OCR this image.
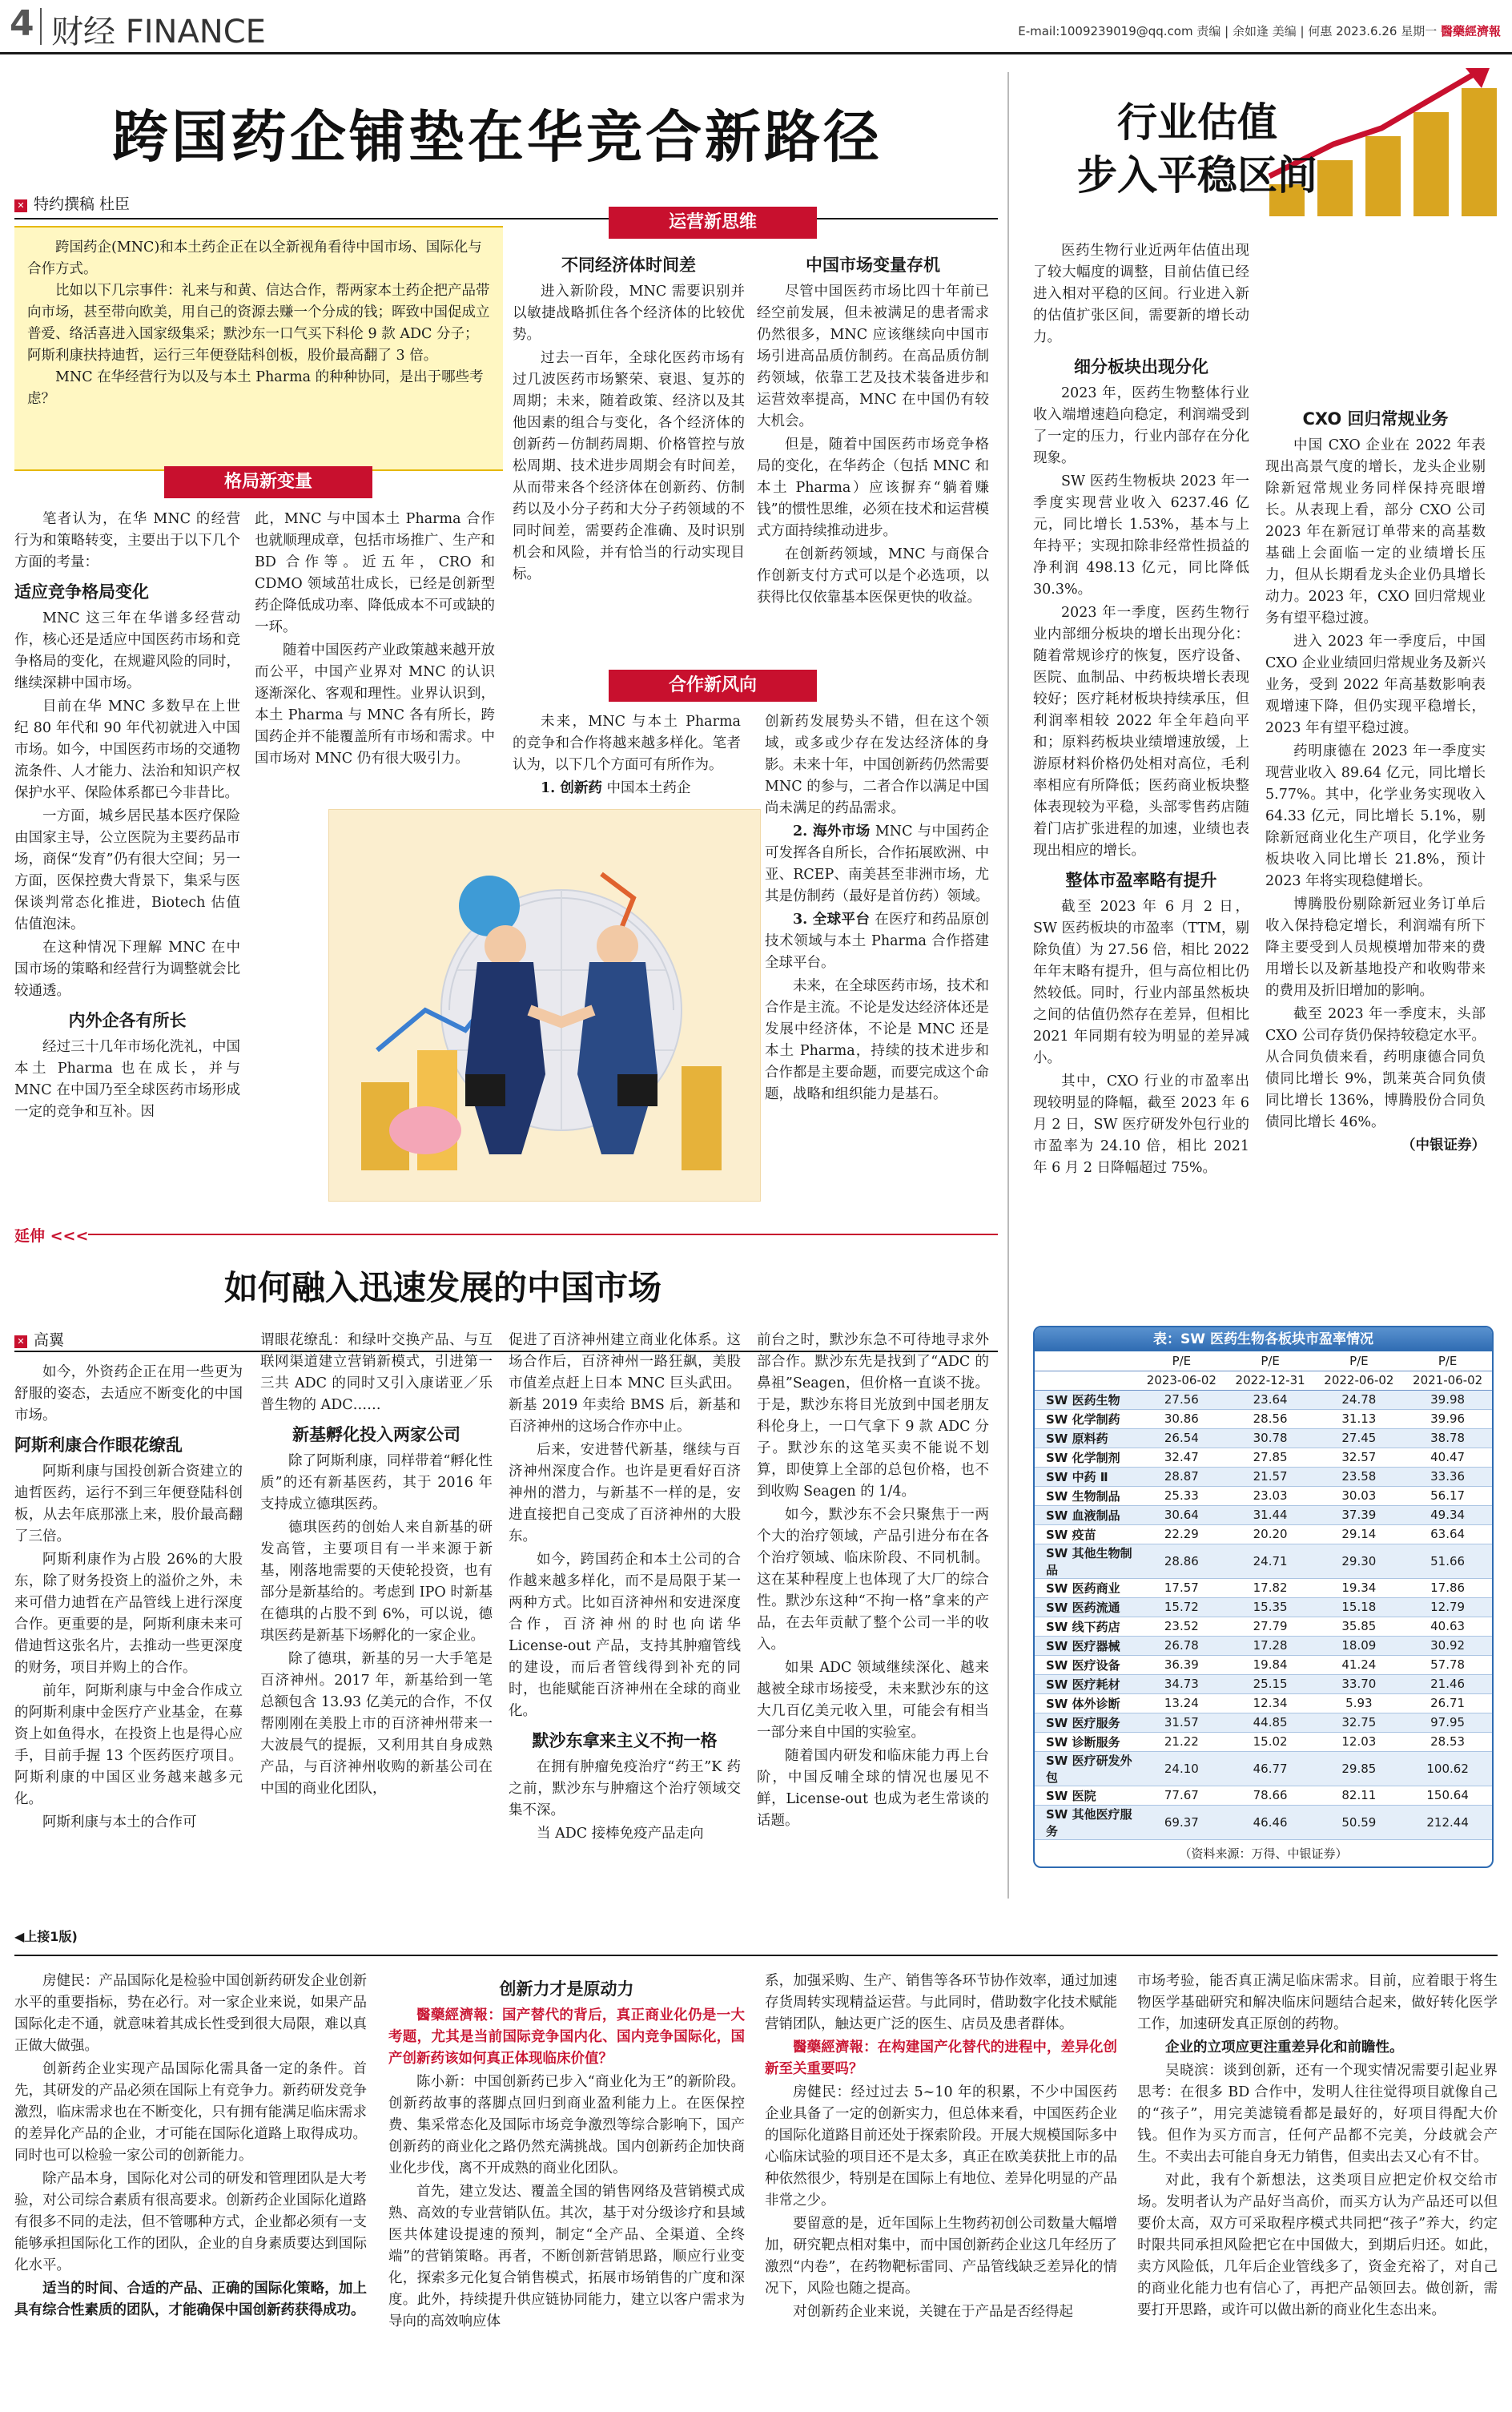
4 财经 FINANCE	E-mail:1009239019@qq.com 责编 | 余如逢 美编 | 何惠 2023.6.26 星期一 醫藥經濟報
跨国药企铺垫在华竞合新路径
✕ 特约撰稿 杜臣

跨国药企(MNC)和本土药企正在以全新视角看待中国市场、国际化与合作方式。

比如以下几宗事件：礼来与和黄、信达合作，帮两家本土药企把产品带向市场，甚至带向欧美，用自己的资源去赚一个分成的钱；晖致中国促成立普爱、络活喜进入国家级集采；默沙东一口气买下科伦 9 款 ADC 分子；阿斯利康扶持迪哲，运行三年便登陆科创板，股价最高翻了 3 倍。

MNC 在华经营行为以及与本土 Pharma 的种种协同，是出于哪些考虑？

格局新变量

笔者认为，在华 MNC 的经营行为和策略转变，主要出于以下几个方面的考量：

适应竞争格局变化

MNC 这三年在华谱多经营动作，核心还是适应中国医药市场和竞争格局的变化，在规避风险的同时，继续深耕中国市场。

目前在华 MNC 多数早在上世纪 80 年代和 90 年代初就进入中国市场。如今，中国医药市场的交通物流条件、人才能力、法治和知识产权保护水平、保险体系都已今非昔比。

一方面，城乡居民基本医疗保险由国家主导，公立医院为主要药品市场，商保“发育”仍有很大空间；另一方面，医保控费大背景下，集采与医保谈判常态化推进，Biotech 估值估值泡沫。

在这种情况下理解 MNC 在中国市场的策略和经营行为调整就会比较通透。

内外企各有所长

经过三十几年市场化洗礼，中国本土 Pharma 也在成长，并与 MNC 在中国乃至全球医药市场形成一定的竞争和互补。因

此，MNC 与中国本土 Pharma 合作也就顺理成章，包括市场推广、生产和 BD 合作等。近五年，CRO 和 CDMO 领域茁壮成长，已经是创新型药企降低成功率、降低成本不可或缺的一环。

随着中国医药产业政策越来越开放而公平，中国产业界对 MNC 的认识逐渐深化、客观和理性。业界认识到，本土 Pharma 与 MNC 各有所长，跨国药企并不能覆盖所有市场和需求。中国市场对 MNC 仍有很大吸引力。

运营新思维
不同经济体时间差

进入新阶段，MNC 需要识别并以敏捷战略抓住各个经济体的比较优势。

过去一百年，全球化医药市场有过几波医药市场繁荣、衰退、复苏的周期；未来，随着政策、经济以及其他因素的组合与变化，各个经济体的创新药－仿制药周期、价格管控与放松周期、技术进步周期会有时间差，从而带来各个经济体在创新药、仿制药以及小分子药和大分子药领域的不同时间差，需要药企准确、及时识别机会和风险，并有恰当的行动实现目标。

中国市场变量存机

尽管中国医药市场比四十年前已经空前发展，但未被满足的患者需求仍然很多，MNC 应该继续向中国市场引进高品质仿制药。在高品质仿制药领域，依靠工艺及技术装备进步和运营效率提高，MNC 在中国仍有较大机会。

但是，随着中国医药市场竞争格局的变化，在华药企（包括 MNC 和本土 Pharma）应该摒弃“躺着赚钱”的惯性思维，必须在技术和运营模式方面持续推动进步。

在创新药领域，MNC 与商保合作创新支付方式可以是个必选项，以获得比仅依靠基本医保更快的收益。

合作新风向

未来，MNC 与本土 Pharma 的竞争和合作将越来越多样化。笔者认为，以下几个方面可有所作为。

1. 创新药 中国本土药企

创新药发展势头不错，但在这个领域，或多或少存在发达经济体的身影。未来十年，中国创新药仍然需要 MNC 的参与，二者合作以满足中国尚未满足的药品需求。

2. 海外市场 MNC 与中国药企可发挥各自所长，合作拓展欧洲、中亚、RCEP、南美甚至非洲市场，尤其是仿制药（最好是首仿药）领域。

3. 全球平台 在医疗和药品原创技术领域与本土 Pharma 合作搭建全球平台。

未来，在全球医药市场，技术和合作是主流。不论是发达经济体还是发展中经济体，不论是 MNC 还是本土 Pharma，持续的技术进步和合作都是主要命题，而要完成这个命题，战略和组织能力是基石。

延伸 <<<
行业估值
步入平稳区间

医药生物行业近两年估值出现了较大幅度的调整，目前估值已经进入相对平稳的区间。行业进入新的估值扩张区间，需要新的增长动力。

细分板块出现分化

2023 年，医药生物整体行业收入端增速趋向稳定，利润端受到了一定的压力，行业内部存在分化现象。

SW 医药生物板块 2023 年一季度实现营业收入 6237.46 亿元，同比增长 1.53%，基本与上年持平；实现扣除非经常性损益的净利润 498.13 亿元，同比降低 30.3%。

2023 年一季度，医药生物行业内部细分板块的增长出现分化：随着常规诊疗的恢复，医疗设备、医院、血制品、中药板块增长表现较好；医疗耗材板块持续承压，但利润率相较 2022 年全年趋向平和；原料药板块业绩增速放缓，上游原材料价格仍处相对高位，毛利率相应有所降低；医药商业板块整体表现较为平稳，头部零售药店随着门店扩张进程的加速，业绩也表现出相应的增长。

整体市盈率略有提升

截至 2023 年 6 月 2 日，SW 医药板块的市盈率（TTM，剔除负值）为 27.56 倍，相比 2022 年年末略有提升，但与高位相比仍然较低。同时，行业内部虽然板块之间的估值仍然存在差异，但相比 2021 年同期有较为明显的差异减小。

其中，CXO 行业的市盈率出现较明显的降幅，截至 2023 年 6 月 2 日，SW 医疗研发外包行业的市盈率为 24.10 倍，相比 2021 年 6 月 2 日降幅超过 75%。

CXO 回归常规业务

中国 CXO 企业在 2022 年表现出高景气度的增长，龙头企业剔除新冠常规业务同样保持亮眼增长。从表现上看，部分 CXO 公司 2023 年在新冠订单带来的高基数基础上会面临一定的业绩增长压力，但从长期看龙头企业仍具增长动力。2023 年，CXO 回归常规业务有望平稳过渡。

进入 2023 年一季度后，中国 CXO 企业业绩回归常规业务及新兴业务，受到 2022 年高基数影响表观增速下降，但仍实现平稳增长，2023 年有望平稳过渡。

药明康德在 2023 年一季度实现营业收入 89.64 亿元，同比增长 5.77%。其中，化学业务实现收入 64.33 亿元，同比增长 5.1%，剔除新冠商业化生产项目，化学业务板块收入同比增长 21.8%，预计 2023 年将实现稳健增长。

博腾股份剔除新冠业务订单后收入保持稳定增长，利润端有所下降主要受到人员规模增加带来的费用增长以及新基地投产和收购带来的费用及折旧增加的影响。

截至 2023 年一季度末，头部 CXO 公司存货仍保持较稳定水平。从合同负债来看，药明康德合同负债同比增长 9%，凯莱英合同负债同比增长 136%，博腾股份合同负债同比增长 46%。

（中银证券）
表：SW 医药生物各板块市盈率情况
	P/E	P/E	P/E	P/E
	2023-06-02	2022-12-31	2022-06-02	2021-06-02
SW 医药生物	27.56	23.64	24.78	39.98
SW 化学制药	30.86	28.56	31.13	39.96
SW 原料药	26.54	30.78	27.45	38.78
SW 化学制剂	32.47	27.85	32.57	40.47
SW 中药 Ⅱ	28.87	21.57	23.58	33.36
SW 生物制品	25.33	23.03	30.03	56.17
SW 血液制品	30.64	31.44	37.39	49.34
SW 疫苗	22.29	20.20	29.14	63.64
SW 其他生物制品	28.86	24.71	29.30	51.66
SW 医药商业	17.57	17.82	19.34	17.86
SW 医药流通	15.72	15.35	15.18	12.79
SW 线下药店	23.52	27.79	35.85	40.63
SW 医疗器械	26.78	17.28	18.09	30.92
SW 医疗设备	36.39	19.84	41.24	57.78
SW 医疗耗材	34.73	25.15	33.70	21.46
SW 体外诊断	13.24	12.34	5.93	26.71
SW 医疗服务	31.57	44.85	32.75	97.95
SW 诊断服务	21.22	15.02	12.03	28.53
SW 医疗研发外包	24.10	46.77	29.85	100.62
SW 医院	77.67	78.66	82.11	150.64
SW 其他医疗服务	69.37	46.46	50.59	212.44
（资料来源：万得、中银证券）
如何融入迅速发展的中国市场
✕ 高翼

如今，外资药企正在用一些更为舒服的姿态，去适应不断变化的中国市场。

阿斯利康合作眼花缭乱

阿斯利康与国投创新合资建立的迪哲医药，运行不到三年便登陆科创板，从去年底那涨上来，股价最高翻了三倍。

阿斯利康作为占股 26%的大股东，除了财务投资上的溢价之外，未来可借力迪哲在产品管线上进行深度合作。更重要的是，阿斯利康未来可借迪哲这张名片，去推动一些更深度的财务，项目并购上的合作。

前年，阿斯利康与中金合作成立的阿斯利康中金医疗产业基金，在募资上如鱼得水，在投资上也是得心应手，目前手握 13 个医药医疗项目。阿斯利康的中国区业务越来越多元化。

阿斯利康与本土的合作可

谓眼花缭乱：和绿叶交换产品、与互联网渠道建立营销新模式，引进第一三共 ADC 的同时又引入康诺亚／乐普生物的 ADC……

新基孵化投入两家公司

除了阿斯利康，同样带着“孵化性质”的还有新基医药，其于 2016 年支持成立德琪医药。

德琪医药的创始人来自新基的研发高管，主要项目有一半来源于新基，刚落地需要的天使轮投资，也有部分是新基给的。考虑到 IPO 时新基在德琪的占股不到 6%，可以说，德琪医药是新基下场孵化的一家企业。

除了德琪，新基的另一大手笔是百济神州。2017 年，新基给到一笔总额包含 13.93 亿美元的合作，不仅帮刚刚在美股上市的百济神州带来一大波晨气的提振，又利用其自身成熟产品，与百济神州收购的新基公司在中国的商业化团队，

促进了百济神州建立商业化体系。这场合作后，百济神州一路狂飙，美股市值差点赶上日本 MNC 巨头武田。新基 2019 年卖给 BMS 后，新基和百济神州的这场合作亦中止。

后来，安进替代新基，继续与百济神州深度合作。也许是更看好百济神州的潜力，与新基不一样的是，安进直接把自己变成了百济神州的大股东。

如今，跨国药企和本土公司的合作越来越多样化，而不是局限于某一两种方式。比如百济神州和安进深度合作，百济神州的时也向诺华 License-out 产品，支持其肿瘤管线的建设，而后者管线得到补充的同时，也能赋能百济神州在全球的商业化。

默沙东拿来主义不拘一格

在拥有肿瘤免疫治疗“药王”K 药之前，默沙东与肿瘤这个治疗领域交集不深。

当 ADC 接棒免疫产品走向

前台之时，默沙东急不可待地寻求外部合作。默沙东先是找到了“ADC 的鼻祖”Seagen，但价格一直谈不拢。于是，默沙东将目光放到中国老朋友科伦身上，一口气拿下 9 款 ADC 分子。默沙东的这笔买卖不能说不划算，即使算上全部的总包价格，也不到收购 Seagen 的 1/4。

如今，默沙东不会只聚焦于一两个大的治疗领域，产品引进分布在各个治疗领域、临床阶段、不同机制。这在某种程度上也体现了大厂的综合性。默沙东这种“不拘一格”拿来的产品，在去年贡献了整个公司一半的收入。

如果 ADC 领域继续深化、越来越被全球市场接受，未来默沙东的这大几百亿美元收入里，可能会有相当一部分来自中国的实验室。

随着国内研发和临床能力再上台阶，中国反哺全球的情况也屡见不鲜，License-out 也成为老生常谈的话题。

◀上接1版)

房健民：产品国际化是检验中国创新药研发企业创新水平的重要指标，势在必行。对一家企业来说，如果产品国际化走不通，就意味着其成长性受到很大局限，难以真正做大做强。

创新药企业实现产品国际化需具备一定的条件。首先，其研发的产品必须在国际上有竞争力。新药研发竞争激烈，临床需求也在不断变化，只有拥有能满足临床需求的差异化产品的企业，才可能在国际化道路上取得成功。同时也可以检验一家公司的创新能力。

除产品本身，国际化对公司的研发和管理团队是大考验，对公司综合素质有很高要求。创新药企业国际化道路有很多不同的走法，但不管哪种方式，企业都必须有一支能够承担国际化工作的团队，企业的自身素质要达到国际化水平。

适当的时间、合适的产品、正确的国际化策略，加上具有综合性素质的团队，才能确保中国创新药获得成功。

创新力才是原动力

醫藥經濟報：国产替代的背后，真正商业化仍是一大考题，尤其是当前国际竞争国内化、国内竞争国际化，国产创新药该如何真正体现临床价值？

陈小新：中国创新药已步入“商业化为王”的新阶段。创新药故事的落脚点回归到商业盈利能力上。在医保控费、集采常态化及国际市场竞争激烈等综合影响下，国产创新药的商业化之路仍然充满挑战。国内创新药企加快商业化步伐，离不开成熟的商业化团队。

首先，建立发达、覆盖全国的销售网络及营销模式成熟、高效的专业营销队伍。其次，基于对分级诊疗和县域医共体建设提速的预判，制定“全产品、全渠道、全终端”的营销策略。再者，不断创新营销思路，顺应行业变化，探索多元化复合销售模式，拓展市场销售的广度和深度。此外，持续提升供应链协同能力，建立以客户需求为导向的高效响应体

系，加强采购、生产、销售等各环节协作效率，通过加速存货周转实现精益运营。与此同时，借助数字化技术赋能营销团队，触达更广泛的医生、店员及患者群体。

醫藥經濟報：在构建国产化替代的进程中，差异化创新至关重要吗？

房健民：经过过去 5~10 年的积累，不少中国医药企业具备了一定的创新实力，但总体来看，中国医药企业的国际化道路目前还处于探索阶段。开展大规模国际多中心临床试验的项目还不是太多，真正在欧美获批上市的品种依然很少，特别是在国际上有地位、差异化明显的产品非常之少。

要留意的是，近年国际上生物药初创公司数量大幅增加，研究靶点相对集中，而中国创新药企业这几年经历了激烈“内卷”，在药物靶标雷同、产品管线缺乏差异化的情况下，风险也随之提高。

对创新药企业来说，关键在于产品是否经得起

市场考验，能否真正满足临床需求。目前，应着眼于将生物医学基础研究和解决临床问题结合起来，做好转化医学工作，加速研发真正原创的药物。

企业的立项应更注重差异化和前瞻性。

吴晓滨：谈到创新，还有一个现实情况需要引起业界思考：在很多 BD 合作中，发明人往往觉得项目就像自己的“孩子”，用完美滤镜看都是最好的，好项目得配大价钱。但作为买方而言，任何产品都不完美，分歧就会产生。不卖出去可能自身无力销售，但卖出去又心有不甘。

对此，我有个新想法，这类项目应把定价权交给市场。发明者认为产品好当高价，而买方认为产品还可以但要价太高，双方可采取程序模式共同把“孩子”养大，约定时限共同承担风险把它在中国做大，到期后归还。如此，卖方风险低，几年后企业管线多了，资金充裕了，对自己的商业化能力也有信心了，再把产品领回去。做创新，需要打开思路，或许可以做出新的商业化生态出来。
